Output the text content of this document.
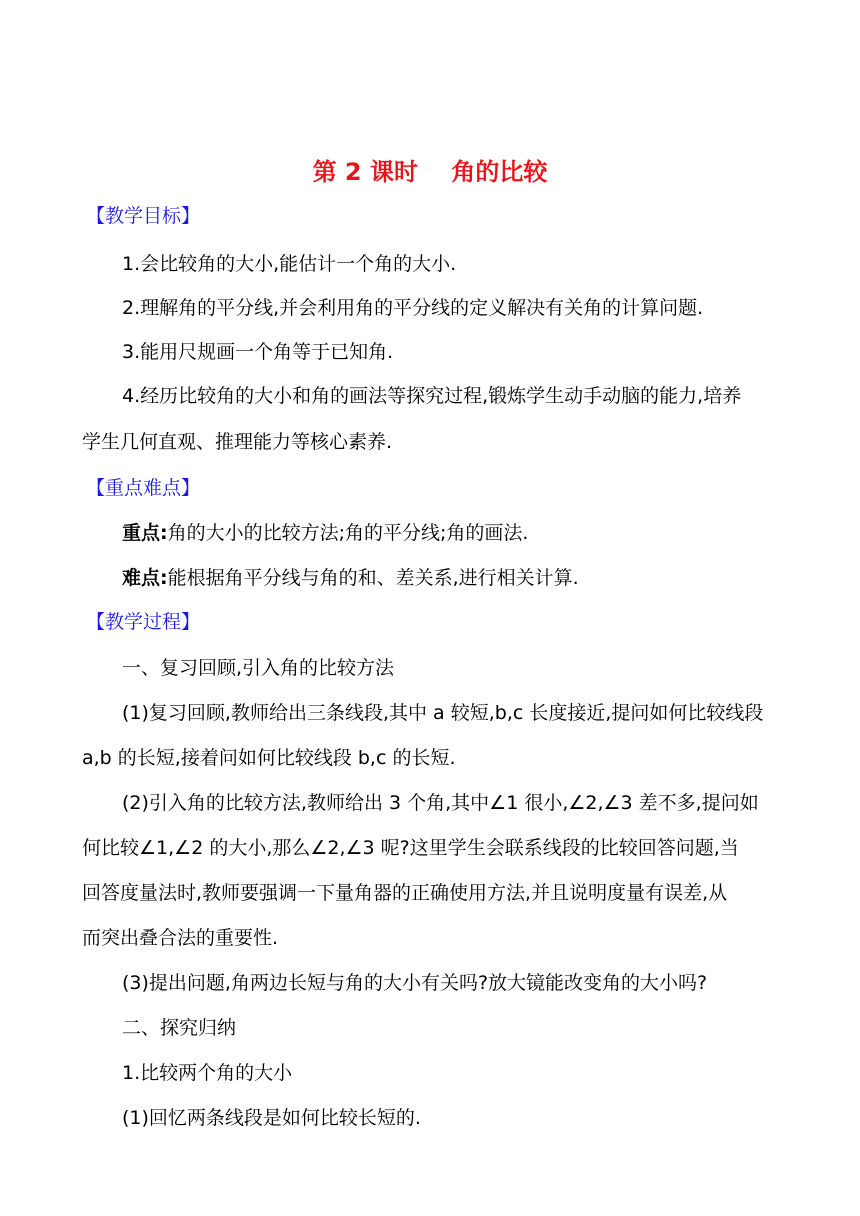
第 2 课时    角的比较
【教学目标】
1.会比较角的大小,能估计一个角的大小.
2.理解角的平分线,并会利用角的平分线的定义解决有关角的计算问题.
3.能用尺规画一个角等于已知角.
4.经历比较角的大小和角的画法等探究过程,锻炼学生动手动脑的能力,培养
学生几何直观、推理能力等核心素养.
【重点难点】
重点:角的大小的比较方法;角的平分线;角的画法.
难点:能根据角平分线与角的和、差关系,进行相关计算.
【教学过程】
一、复习回顾,引入角的比较方法
(1)复习回顾,教师给出三条线段,其中 a 较短,b,c 长度接近,提问如何比较线段
a,b 的长短,接着问如何比较线段 b,c 的长短.
(2)引入角的比较方法,教师给出 3 个角,其中∠1 很小,∠2,∠3 差不多,提问如
何比较∠1,∠2 的大小,那么∠2,∠3 呢?这里学生会联系线段的比较回答问题,当
回答度量法时,教师要强调一下量角器的正确使用方法,并且说明度量有误差,从
而突出叠合法的重要性.
(3)提出问题,角两边长短与角的大小有关吗?放大镜能改变角的大小吗?
二、探究归纳
1.比较两个角的大小
(1)回忆两条线段是如何比较长短的.
